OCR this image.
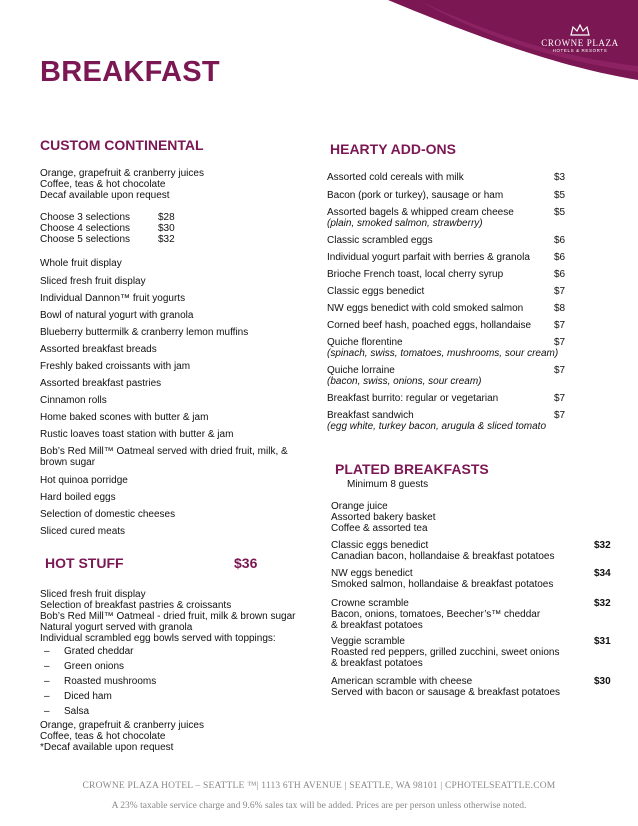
CROWNE PLAZA
HOTELS & RESORTS
BREAKFAST
CUSTOM CONTINENTAL
Orange, grapefruit & cranberry juices
Coffee, teas & hot chocolate
Decaf available upon request
Choose 3 selections	$28
Choose 4 selections	$30
Choose 5 selections	$32
Whole fruit display
Sliced fresh fruit display
Individual Dannon™ fruit yogurts
Bowl of natural yogurt with granola
Blueberry buttermilk & cranberry lemon muffins
Assorted breakfast breads
Freshly baked croissants with jam
Assorted breakfast pastries
Cinnamon rolls
Home baked scones with butter & jam
Rustic loaves toast station with butter & jam
Bob’s Red Mill™ Oatmeal served with dried fruit, milk, &
brown sugar
Hot quinoa porridge
Hard boiled eggs
Selection of domestic cheeses
Sliced cured meats
HOT STUFF	$36
Sliced fresh fruit display
Selection of breakfast pastries & croissants
Bob’s Red Mill™ Oatmeal - dried fruit, milk & brown sugar
Natural yogurt served with granola
Individual scrambled egg bowls served with toppings:
– Grated cheddar
– Green onions
– Roasted mushrooms
– Diced ham
– Salsa
Orange, grapefruit & cranberry juices
Coffee, teas & hot chocolate
*Decaf available upon request
HEARTY ADD-ONS
Assorted cold cereals with milk	$3
Bacon (pork or turkey), sausage or ham	$5
Assorted bagels & whipped cream cheese	$5
(plain, smoked salmon, strawberry)
Classic scrambled eggs	$6
Individual yogurt parfait with berries & granola $6
Brioche French toast, local cherry syrup	$6
Classic eggs benedict	$7
NW eggs benedict with cold smoked salmon	$8
Corned beef hash, poached eggs, hollandaise $7
Quiche florentine	$7
(spinach, swiss, tomatoes, mushrooms, sour cream)
Quiche lorraine	$7
(bacon, swiss, onions, sour cream)
Breakfast burrito: regular or vegetarian	$7
Breakfast sandwich	$7
(egg white, turkey bacon, arugula & sliced tomato
PLATED BREAKFASTS
Minimum 8 guests
Orange juice
Assorted bakery basket
Coffee & assorted tea
Classic eggs benedict	$32
Canadian bacon, hollandaise & breakfast potatoes
NW eggs benedict	$34
Smoked salmon, hollandaise & breakfast potatoes
Crowne scramble	$32
Bacon, onions, tomatoes, Beecher’s™ cheddar
& breakfast potatoes
Veggie scramble	$31
Roasted red peppers, grilled zucchini, sweet onions
& breakfast potatoes
American scramble with cheese	$30
Served with bacon or sausage & breakfast potatoes
CROWNE PLAZA HOTEL – SEATTLE ™| 1113 6TH AVENUE | SEATTLE, WA 98101 | CPHOTELSEATTLE.COM
A 23% taxable service charge and 9.6% sales tax will be added. Prices are per person unless otherwise noted.
